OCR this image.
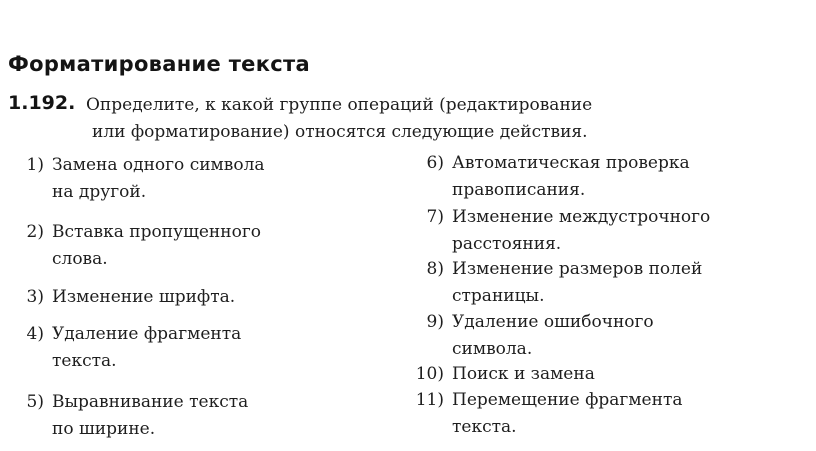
Форматирование текста
1.192. Определите, к какой группе операций (редактирование
или форматирование) относятся следующие действия.
1) Замена одного символа
на другой.
2) Вставка пропущенного
слова.
3) Изменение шрифта.
4) Удаление фрагмента
текста.
5) Выравнивание текста
по ширине.
6) Автоматическая проверка
правописания.
7) Изменение междустрочного
расстояния.
8) Изменение размеров полей
страницы.
9) Удаление ошибочного
символа.
10) Поиск и замена
11) Перемещение фрагмента
текста.
